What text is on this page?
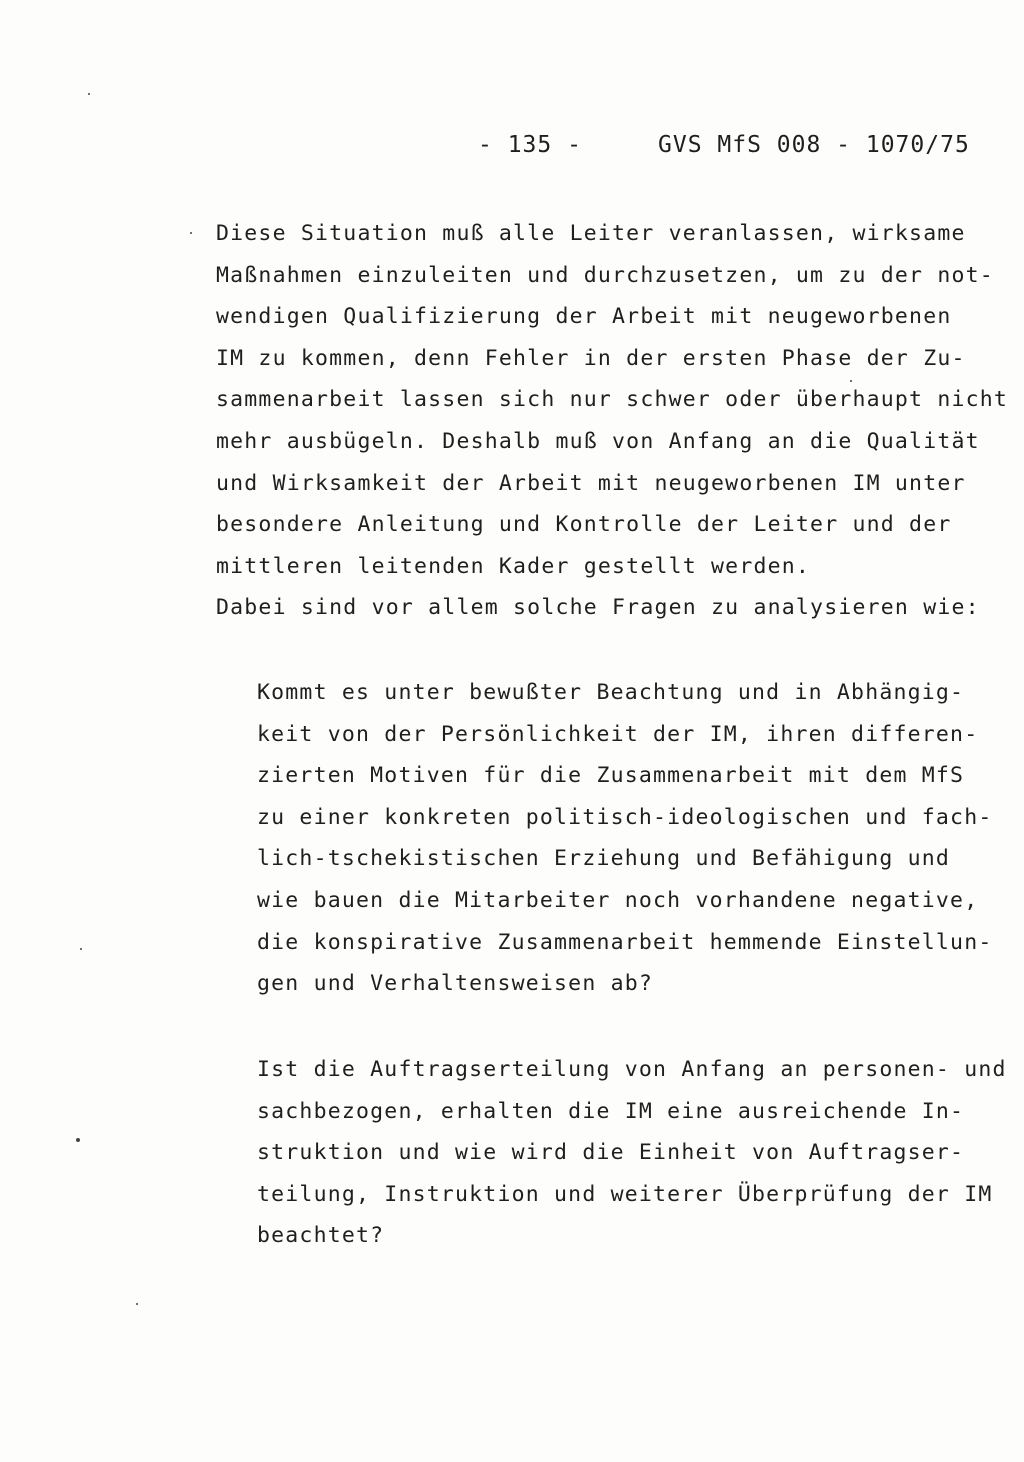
- 135 -

	GVS MfS 008 - 1070/75

Diese Situation muß alle Leiter veranlassen, wirksame
Maßnahmen einzuleiten und durchzusetzen, um zu der not-
wendigen Qualifizierung der Arbeit mit neugeworbenen
IM zu kommen, denn Fehler in der ersten Phase der Zu-
sammenarbeit lassen sich nur schwer oder überhaupt nicht
mehr ausbügeln. Deshalb muß von Anfang an die Qualität
und Wirksamkeit der Arbeit mit neugeworbenen IM unter
besondere Anleitung und Kontrolle der Leiter und der
mittleren leitenden Kader gestellt werden.
Dabei sind vor allem solche Fragen zu analysieren wie:
Kommt es unter bewußter Beachtung und in Abhängig-
keit von der Persönlichkeit der IM, ihren differen-
zierten Motiven für die Zusammenarbeit mit dem MfS
zu einer konkreten politisch-ideologischen und fach-
lich-tschekistischen Erziehung und Befähigung und
wie bauen die Mitarbeiter noch vorhandene negative,
die konspirative Zusammenarbeit hemmende Einstellun-
gen und Verhaltensweisen ab?
Ist die Auftragserteilung von Anfang an personen- und
sachbezogen, erhalten die IM eine ausreichende In-
struktion und wie wird die Einheit von Auftragser-
teilung, Instruktion und weiterer Überprüfung der IM
beachtet?
